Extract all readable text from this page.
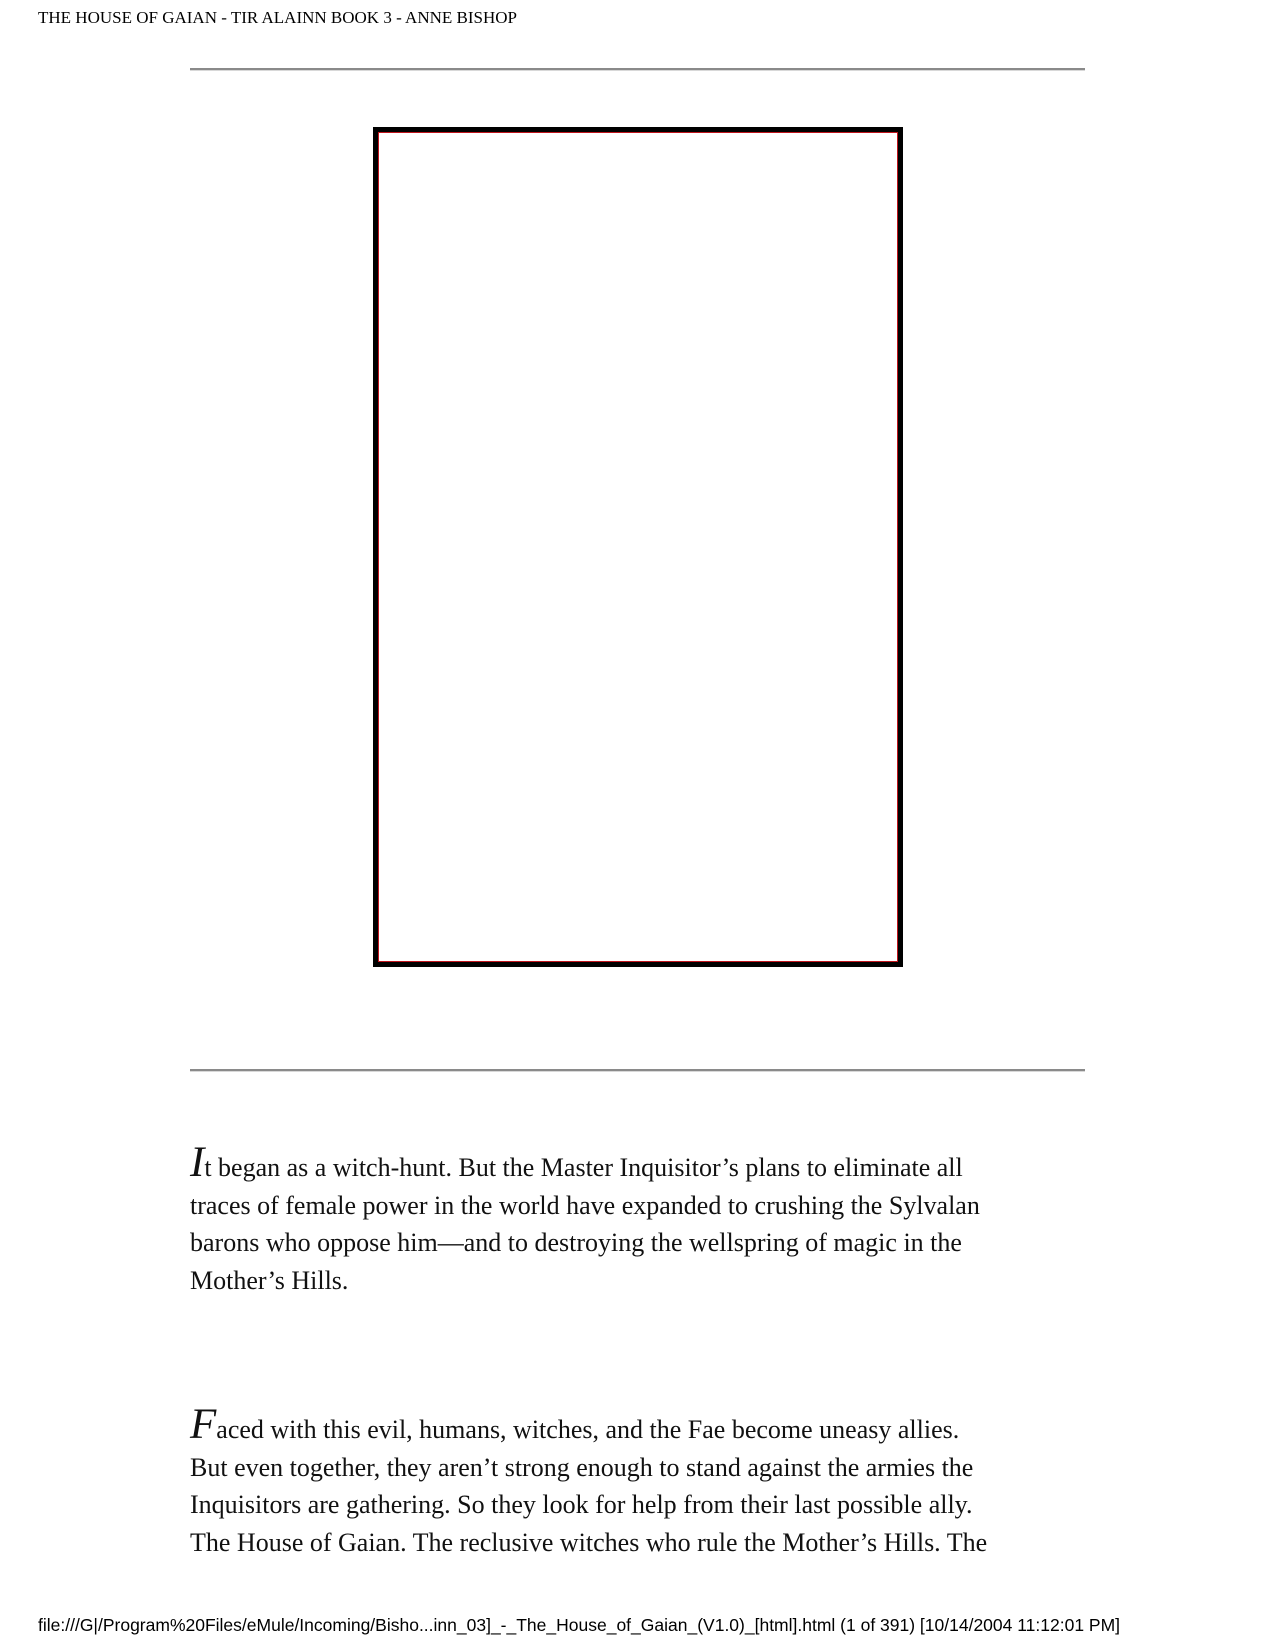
THE HOUSE OF GAIAN - TIR ALAINN BOOK 3 - ANNE BISHOP

It began as a witch-hunt. But the Master Inquisitor’s plans to eliminate all
traces of female power in the world have expanded to crushing the Sylvalan
barons who oppose him—and to destroying the wellspring of magic in the
Mother’s Hills.

Faced with this evil, humans, witches, and the Fae become uneasy allies.
But even together, they aren’t strong enough to stand against the armies the
Inquisitors are gathering. So they look for help from their last possible ally.
The House of Gaian. The reclusive witches who rule the Mother’s Hills. The

file:///G|/Program%20Files/eMule/Incoming/Bisho...inn_03]_-_The_House_of_Gaian_(V1.0)_[html].html (1 of 391) [10/14/2004 11:12:01 PM]
